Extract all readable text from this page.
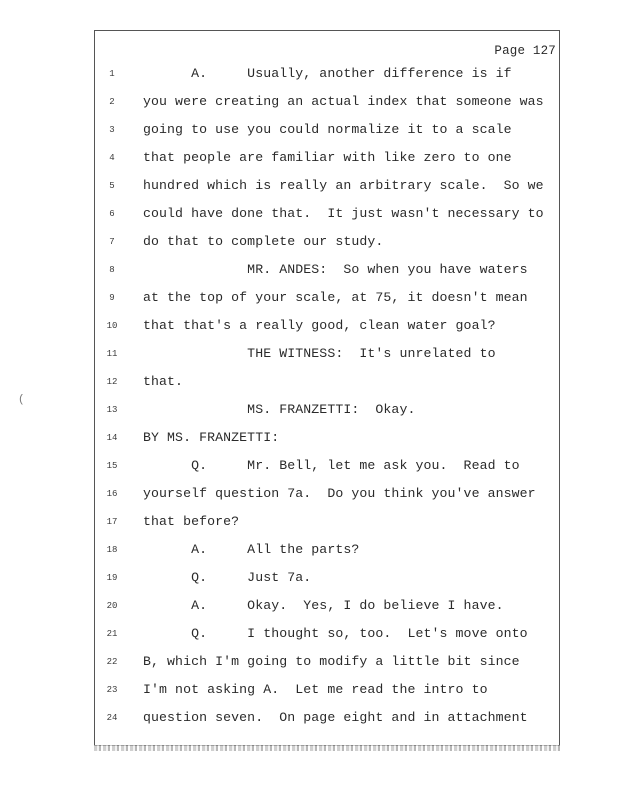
Page 127
(
1	A.     Usually, another difference is if
2	you were creating an actual index that someone was
3	going to use you could normalize it to a scale
4	that people are familiar with like zero to one
5	hundred which is really an arbitrary scale.  So we
6	could have done that.  It just wasn't necessary to
7	do that to complete our study.
8	MR. ANDES:  So when you have waters
9	at the top of your scale, at 75, it doesn't mean
10	that that's a really good, clean water goal?
11	THE WITNESS:  It's unrelated to
12	that.
13	MS. FRANZETTI:  Okay.
14	BY MS. FRANZETTI:
15	Q.     Mr. Bell, let me ask you.  Read to
16	yourself question 7a.  Do you think you've answer
17	that before?
18	A.     All the parts?
19	Q.     Just 7a.
20	A.     Okay.  Yes, I do believe I have.
21	Q.     I thought so, too.  Let's move onto
22	B, which I'm going to modify a little bit since
23	I'm not asking A.  Let me read the intro to
24	question seven.  On page eight and in attachment
